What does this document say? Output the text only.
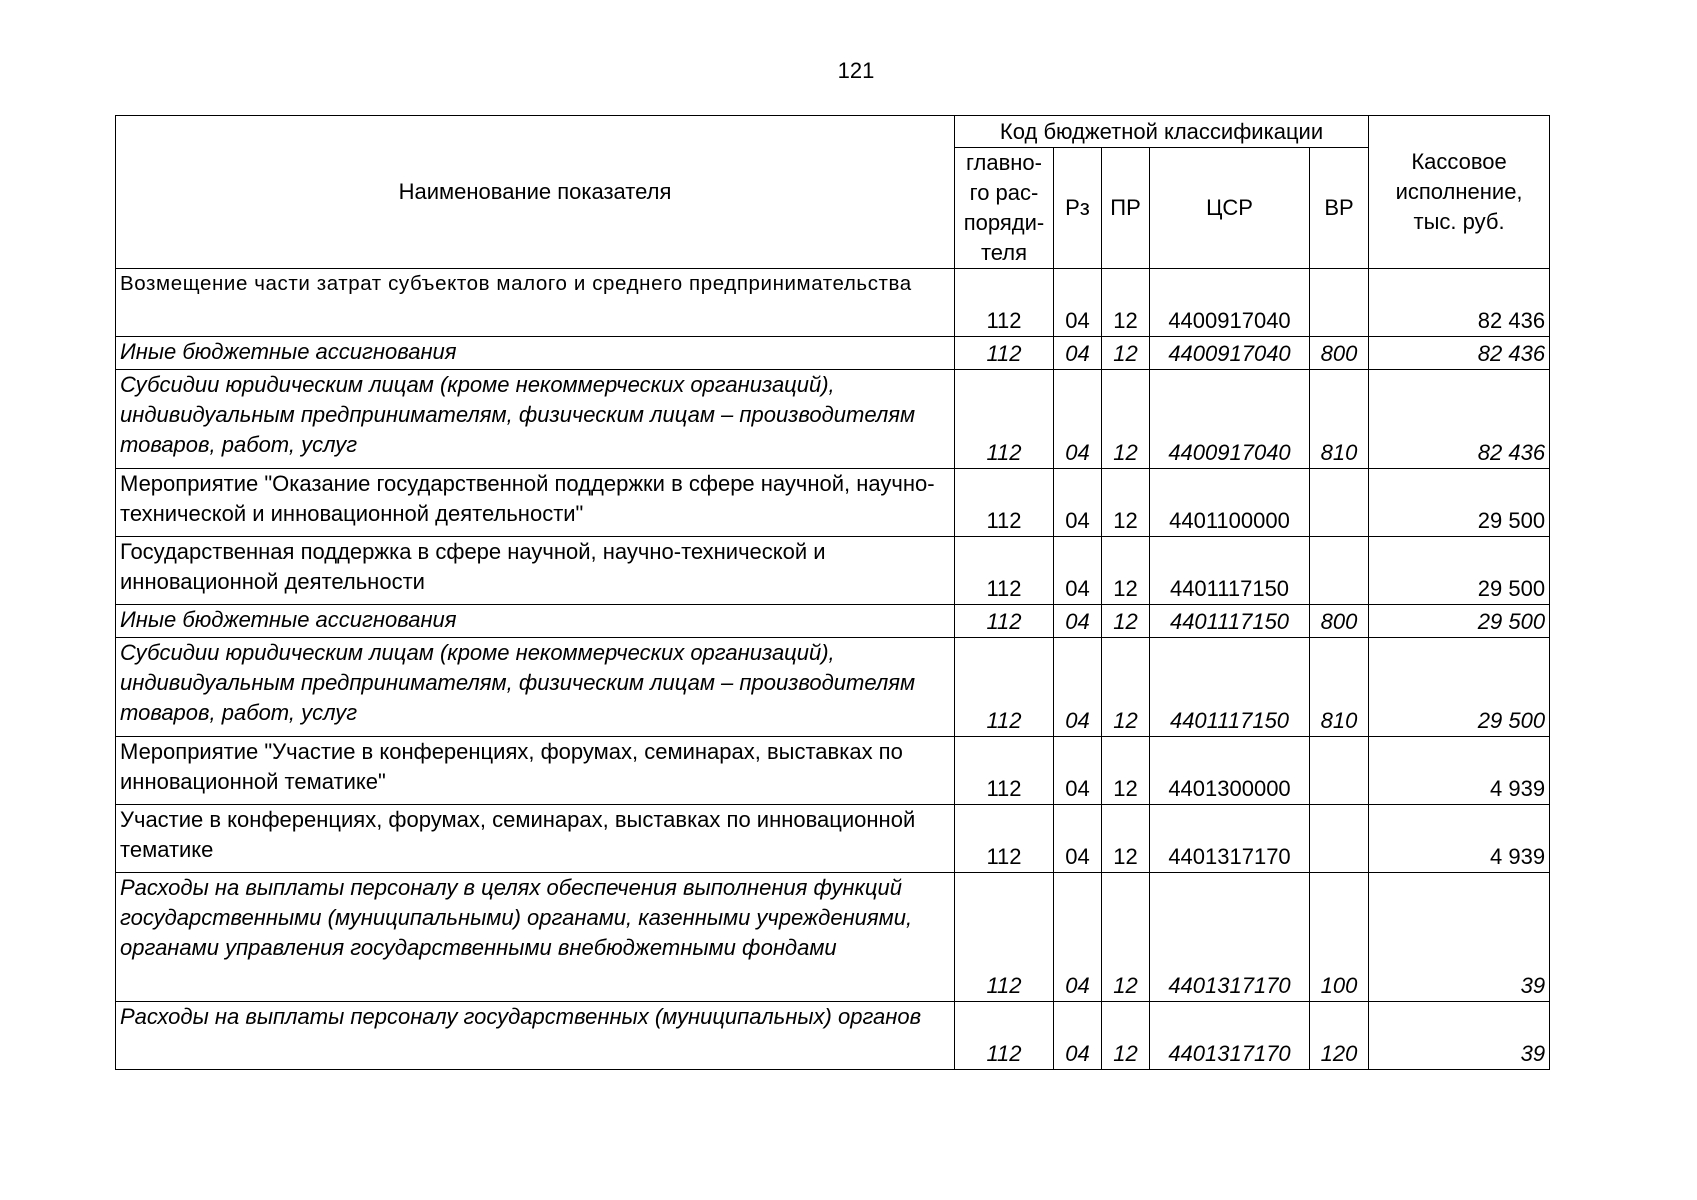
121
Наименование показателя	Код бюджетной классификации					Кассовое исполнение, тыс. руб.
	главно-го рас-поряди-теля	Рз	ПР	ЦСР	ВР	
Возмещение части затрат субъектов малого и среднего предпринимательства	112	04	12	4400917040		82 436
Иные бюджетные ассигнования	112	04	12	4400917040	800	82 436
Субсидии юридическим лицам (кроме некоммерческих организаций), индивидуальным предпринимателям, физическим лицам – производителям товаров, работ, услуг	112	04	12	4400917040	810	82 436
Мероприятие "Оказание государственной поддержки в сфере научной, научно-технической и инновационной деятельности"	112	04	12	4401100000		29 500
Государственная поддержка в сфере научной, научно-технической и инновационной деятельности	112	04	12	4401117150		29 500
Иные бюджетные ассигнования	112	04	12	4401117150	800	29 500
Субсидии юридическим лицам (кроме некоммерческих организаций), индивидуальным предпринимателям, физическим лицам – производителям товаров, работ, услуг	112	04	12	4401117150	810	29 500
Мероприятие "Участие в конференциях, форумах, семинарах, выставках по инновационной тематике"	112	04	12	4401300000		4 939
Участие в конференциях, форумах, семинарах, выставках по инновационной тематике	112	04	12	4401317170		4 939
Расходы на выплаты персоналу в целях обеспечения выполнения функций государственными (муниципальными) органами, казенными учреждениями, органами управления государственными внебюджетными фондами	112	04	12	4401317170	100	39
Расходы на выплаты персоналу государственных (муниципальных) органов	112	04	12	4401317170	120	39
